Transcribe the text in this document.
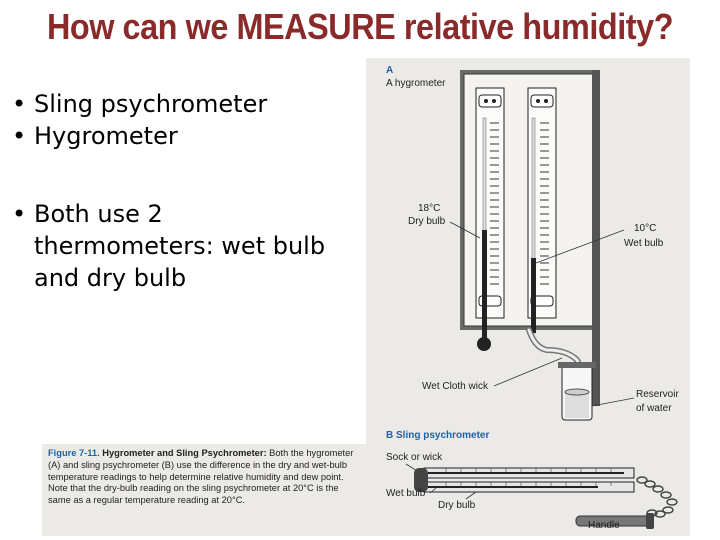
How can we MEASURE relative humidity?
• Sling psychrometer
• Hygrometer
• Both use 2 thermometers: wet bulb and dry bulb
A
A hygrometer
18°C
Dry bulb
10°C
Wet bulb
Wet Cloth wick
Reservoir
of water
B Sling psychrometer
Sock or wick
Wet bulb
Dry bulb
Handle
Figure 7-11. Hygrometer and Sling Psychrometer: Both the hygrometer (A) and sling psychrometer (B) use the difference in the dry and wet-bulb temperature readings to help determine relative humidity and dew point. Note that the dry-bulb reading on the sling psychrometer at 20°C is the same as a regular temperature reading at 20°C.
